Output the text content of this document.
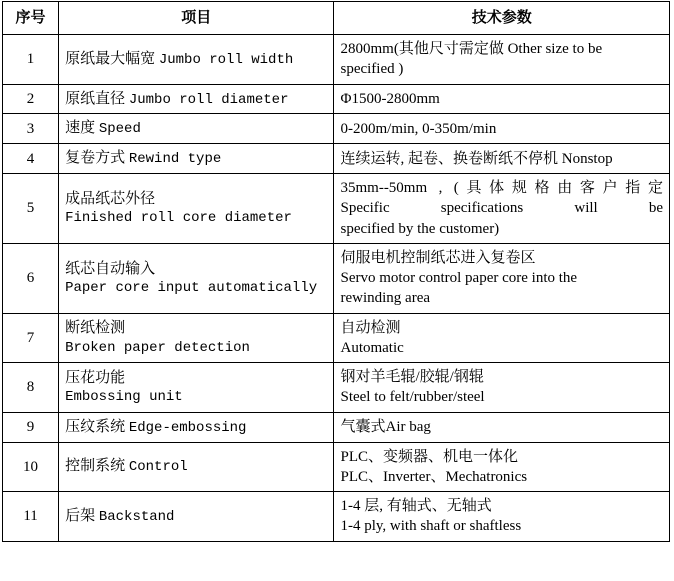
序号	项目	技术参数
1	原纸最大幅宽 Jumbo roll width	2800mm(其他尺寸需定做 Other size to be
specified )

2	原纸直径 Jumbo roll diameter	Φ1500-2800mm

3	速度 Speed	0-200m/min, 0-350m/min

4	复卷方式 Rewind type	连续运转, 起卷、换卷断纸不停机 Nonstop

5	成品纸芯外径
Finished roll core diameter	35mm--50mm , (具体规格由客户指定
Specific specifications will be
specified by the customer)

6	纸芯自动输入
Paper core input automatically	伺服电机控制纸芯进入复卷区
Servo motor control paper core into the
rewinding area

7	断纸检测
Broken paper detection	自动检测
Automatic

8	压花功能
Embossing unit	钢对羊毛辊/胶辊/钢辊
Steel to felt/rubber/steel

9	压纹系统 Edge-embossing	气囊式Air bag

10	控制系统 Control	PLC、变频器、机电一体化
PLC、Inverter、Mechatronics

11	后架 Backstand	1-4 层, 有轴式、无轴式
1-4 ply, with shaft or shaftless
